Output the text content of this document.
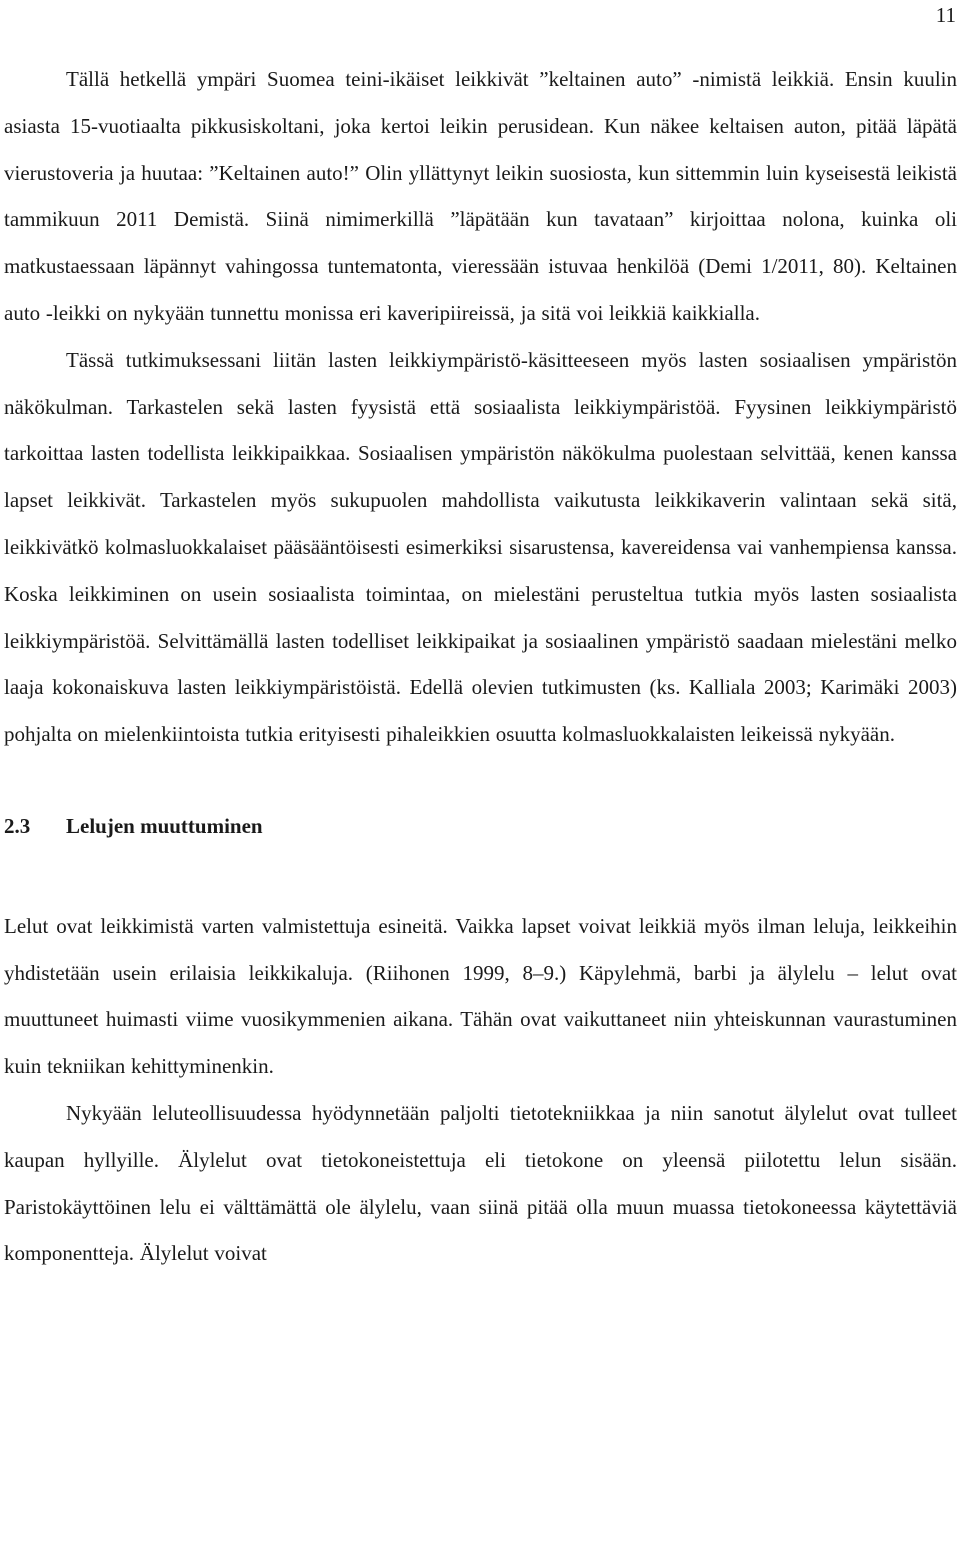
11

Tällä hetkellä ympäri Suomea teini-ikäiset leikkivät ”keltainen auto” -nimistä leikkiä. Ensin kuulin asiasta 15-vuotiaalta pikkusiskoltani, joka kertoi leikin perusidean. Kun näkee keltaisen auton, pitää läpätä vierustoveria ja huutaa: ”Keltainen auto!” Olin yllättynyt leikin suosiosta, kun sittemmin luin kyseisestä leikistä tammikuun 2011 Demistä. Siinä nimimerkillä ”läpätään kun tavataan” kirjoittaa nolona, kuinka oli matkustaessaan läpännyt vahingossa tuntematonta, vieressään istuvaa henkilöä (Demi 1/2011, 80). Keltainen auto -leikki on nykyään tunnettu monissa eri kaveripiireissä, ja sitä voi leikkiä kaikkialla.

Tässä tutkimuksessani liitän lasten leikkiympäristö-käsitteeseen myös lasten sosiaalisen ympäristön näkökulman. Tarkastelen sekä lasten fyysistä että sosiaalista leikkiympäristöä. Fyysinen leikkiympäristö tarkoittaa lasten todellista leikkipaikkaa. Sosiaalisen ympäristön näkökulma puolestaan selvittää, kenen kanssa lapset leikkivät. Tarkastelen myös sukupuolen mahdollista vaikutusta leikkikaverin valintaan sekä sitä, leikkivätkö kolmasluokkalaiset pääsääntöisesti esimerkiksi sisarustensa, kavereidensa vai vanhempiensa kanssa. Koska leikkiminen on usein sosiaalista toimintaa, on mielestäni perusteltua tutkia myös lasten sosiaalista leikkiympäristöä. Selvittämällä lasten todelliset leikkipaikat ja sosiaalinen ympäristö saadaan mielestäni melko laaja kokonaiskuva lasten leikkiympäristöistä. Edellä olevien tutkimusten (ks. Kalliala 2003; Karimäki 2003) pohjalta on mielenkiintoista tutkia erityisesti pihaleikkien osuutta kolmasluokkalaisten leikeissä nykyään.

2.3 Lelujen muuttuminen

Lelut ovat leikkimistä varten valmistettuja esineitä. Vaikka lapset voivat leikkiä myös ilman leluja, leikkeihin yhdistetään usein erilaisia leikkikaluja. (Riihonen 1999, 8–9.) Käpylehmä, barbi ja älylelu – lelut ovat muuttuneet huimasti viime vuosikymmenien aikana. Tähän ovat vaikuttaneet niin yhteiskunnan vaurastuminen kuin tekniikan kehittyminenkin.

Nykyään leluteollisuudessa hyödynnetään paljolti tietotekniikkaa ja niin sanotut älylelut ovat tulleet kaupan hyllyille. Älylelut ovat tietokoneistettuja eli tietokone on yleensä piilotettu lelun sisään. Paristokäyttöinen lelu ei välttämättä ole älylelu, vaan siinä pitää olla muun muassa tietokoneessa käytettäviä komponentteja. Älylelut voivat
